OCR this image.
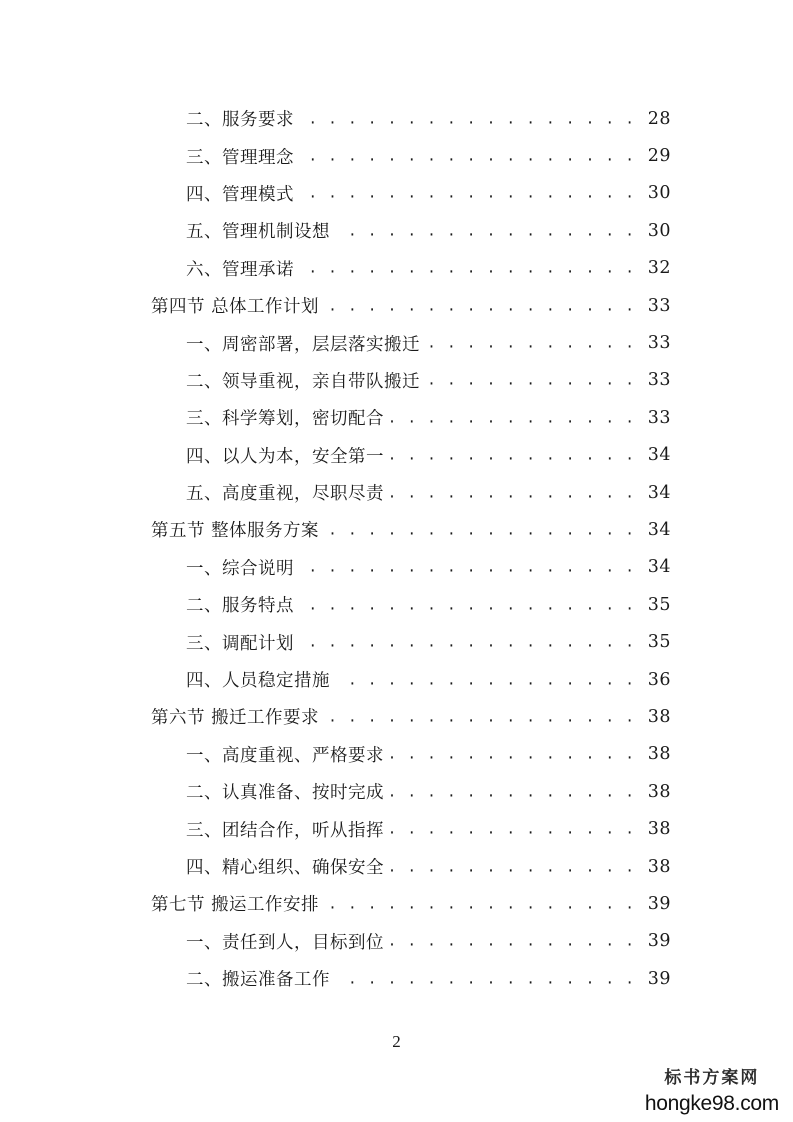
二、服务要求 . . .	28
三、管理理念 . . .	29
四、管理模式 . . .	30
五、管理机制设想 . . .	30
六、管理承诺 . . .	32
第四节 总体工作计划 . . .	33
一、周密部署，层层落实搬迁 . . .	33
二、领导重视，亲自带队搬迁 . . .	33
三、科学筹划，密切配合 . . .	33
四、以人为本，安全第一 . . .	34
五、高度重视，尽职尽责 . . .	34
第五节 整体服务方案 . . .	34
一、综合说明 . . .	34
二、服务特点 . . .	35
三、调配计划 . . .	35
四、人员稳定措施 . . .	36
第六节 搬迁工作要求 . . .	38
一、高度重视、严格要求 . . .	38
二、认真准备、按时完成 . . .	38
三、团结合作，听从指挥 . . .	38
四、精心组织、确保安全 . . .	38
第七节 搬运工作安排 . . .	39
一、责任到人，目标到位 . . .	39
二、搬运准备工作 . . .	39
2
标书方案网
hongke98.com
